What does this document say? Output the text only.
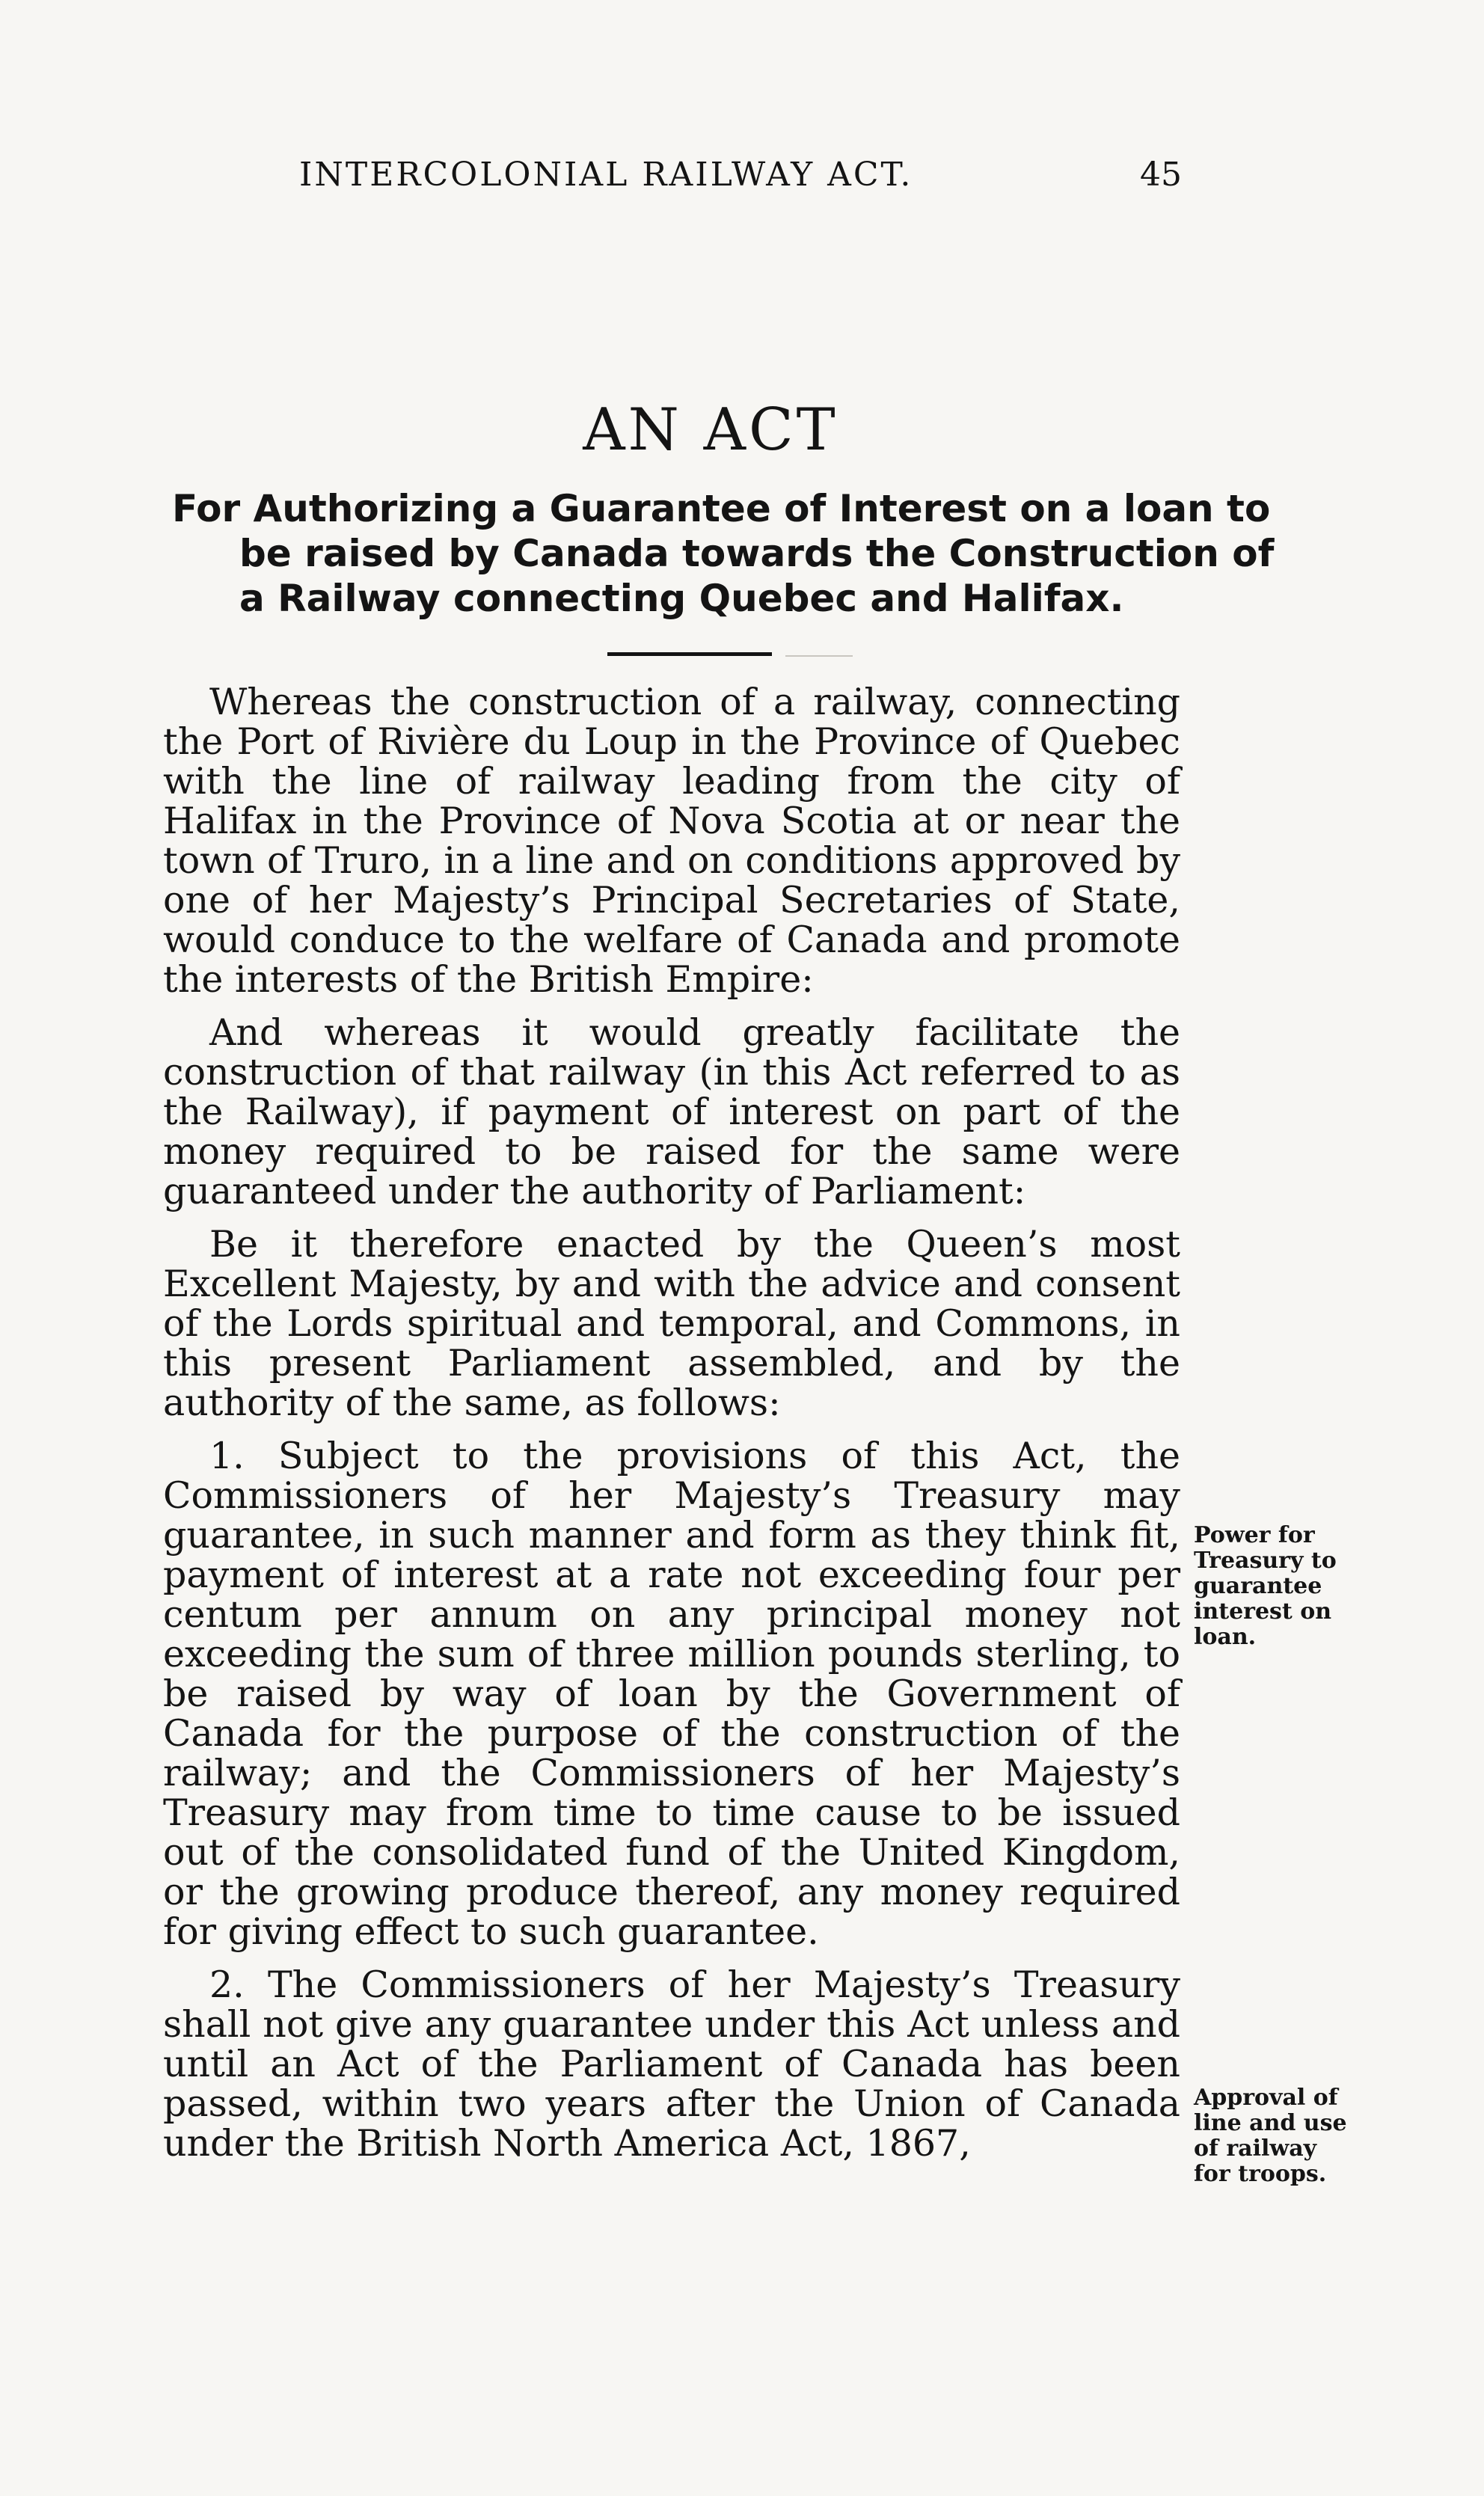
INTERCOLONIAL RAILWAY ACT.	45
AN ACT
For Authorizing a Guarantee of Interest on a loan to
be raised by Canada towards the Construction of
a Railway connecting Quebec and Halifax.

Whereas the construction of a railway, connecting the Port of Rivière du Loup in the Province of Quebec with the line of railway leading from the city of Halifax in the Province of Nova Scotia at or near the town of Truro, in a line and on conditions approved by one of her Majesty’s Principal Secretaries of State, would conduce to the welfare of Canada and promote the interests of the British Empire:

And whereas it would greatly facilitate the construction of that railway (in this Act referred to as the Railway), if payment of interest on part of the money required to be raised for the same were guaranteed under the authority of Parliament:

Be it therefore enacted by the Queen’s most Excellent Majesty, by and with the advice and consent of the Lords spiritual and temporal, and Commons, in this present Parliament assembled, and by the authority of the same, as follows:

1. Subject to the provisions of this Act, the Commissioners of her Majesty’s Treasury may guarantee, in such manner and form as they think fit, payment of interest at a rate not exceeding four per centum per annum on any principal money not exceeding the sum of three million pounds sterling, to be raised by way of loan by the Government of Canada for the purpose of the construction of the railway; and the Commissioners of her Majesty’s Treasury may from time to time cause to be issued out of the consolidated fund of the United Kingdom, or the growing produce thereof, any money required for giving effect to such guarantee.

2. The Commissioners of her Majesty’s Treasury shall not give any guarantee under this Act unless and until an Act of the Parliament of Canada has been passed, within two years after the Union of Canada under the British North America Act, 1867,

Power for
Treasury to
guarantee
interest on
loan.
Approval of
line and use
of railway
for troops.
